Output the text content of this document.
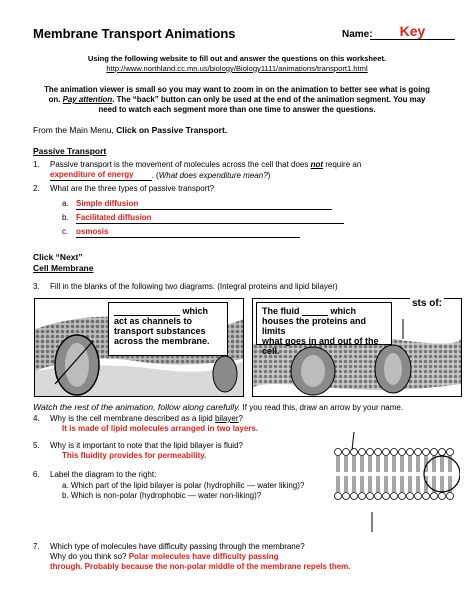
Membrane Transport Animations	Name:	Key
Using the following website to fill out and answer the questions on this worksheet.
http://www.northland.cc.mn.us/biology/Biology1111/animations/transport1.html
The animation viewer is small so you may want to zoom in on the animation to better see what is going
on. Pay attention. The “back” button can only be used at the end of the animation segment. You may
need to watch each segment more than one time to answer the questions.
From the Main Menu, Click on Passive Transport.
Passive Transport
1. Passive transport is the movement of molecules across the cell that does not require an
expenditure of energy . (What does expenditure mean?)
2. What are the three types of passive transport?
a. Simple diffusion
b. Facilitated diffusion
c. osmosis
Click “Next”
Cell Membrane
3. Fill in the blanks of the following two diagrams. (Integral proteins and lipid bilayer)
which
act as channels to
transport substances
across the membrane.
The fluid	which
houses the proteins and limits
what goes in and out of the
cell.
sts of:
Watch the rest of the animation, follow along carefully. If you read this, draw an arrow by your name.
4. Why is the cell membrane described as a lipid bilayer?
It is made of lipid molecules arranged in two layers.
5. Why is it important to note that the lipid bilayer is fluid?
This fluidity provides for permeability.
6. Label the diagram to the right:
a. Which part of the lipid bilayer is polar (hydrophilic — water liking)?
b. Which is non-polar (hydrophobic — water non-liking)?
7. Which type of molecules have difficulty passing through the membrane?
Why do you think so? Polar molecules have difficulty passing
through. Probably because the non-polar middle of the membrane repels them.
